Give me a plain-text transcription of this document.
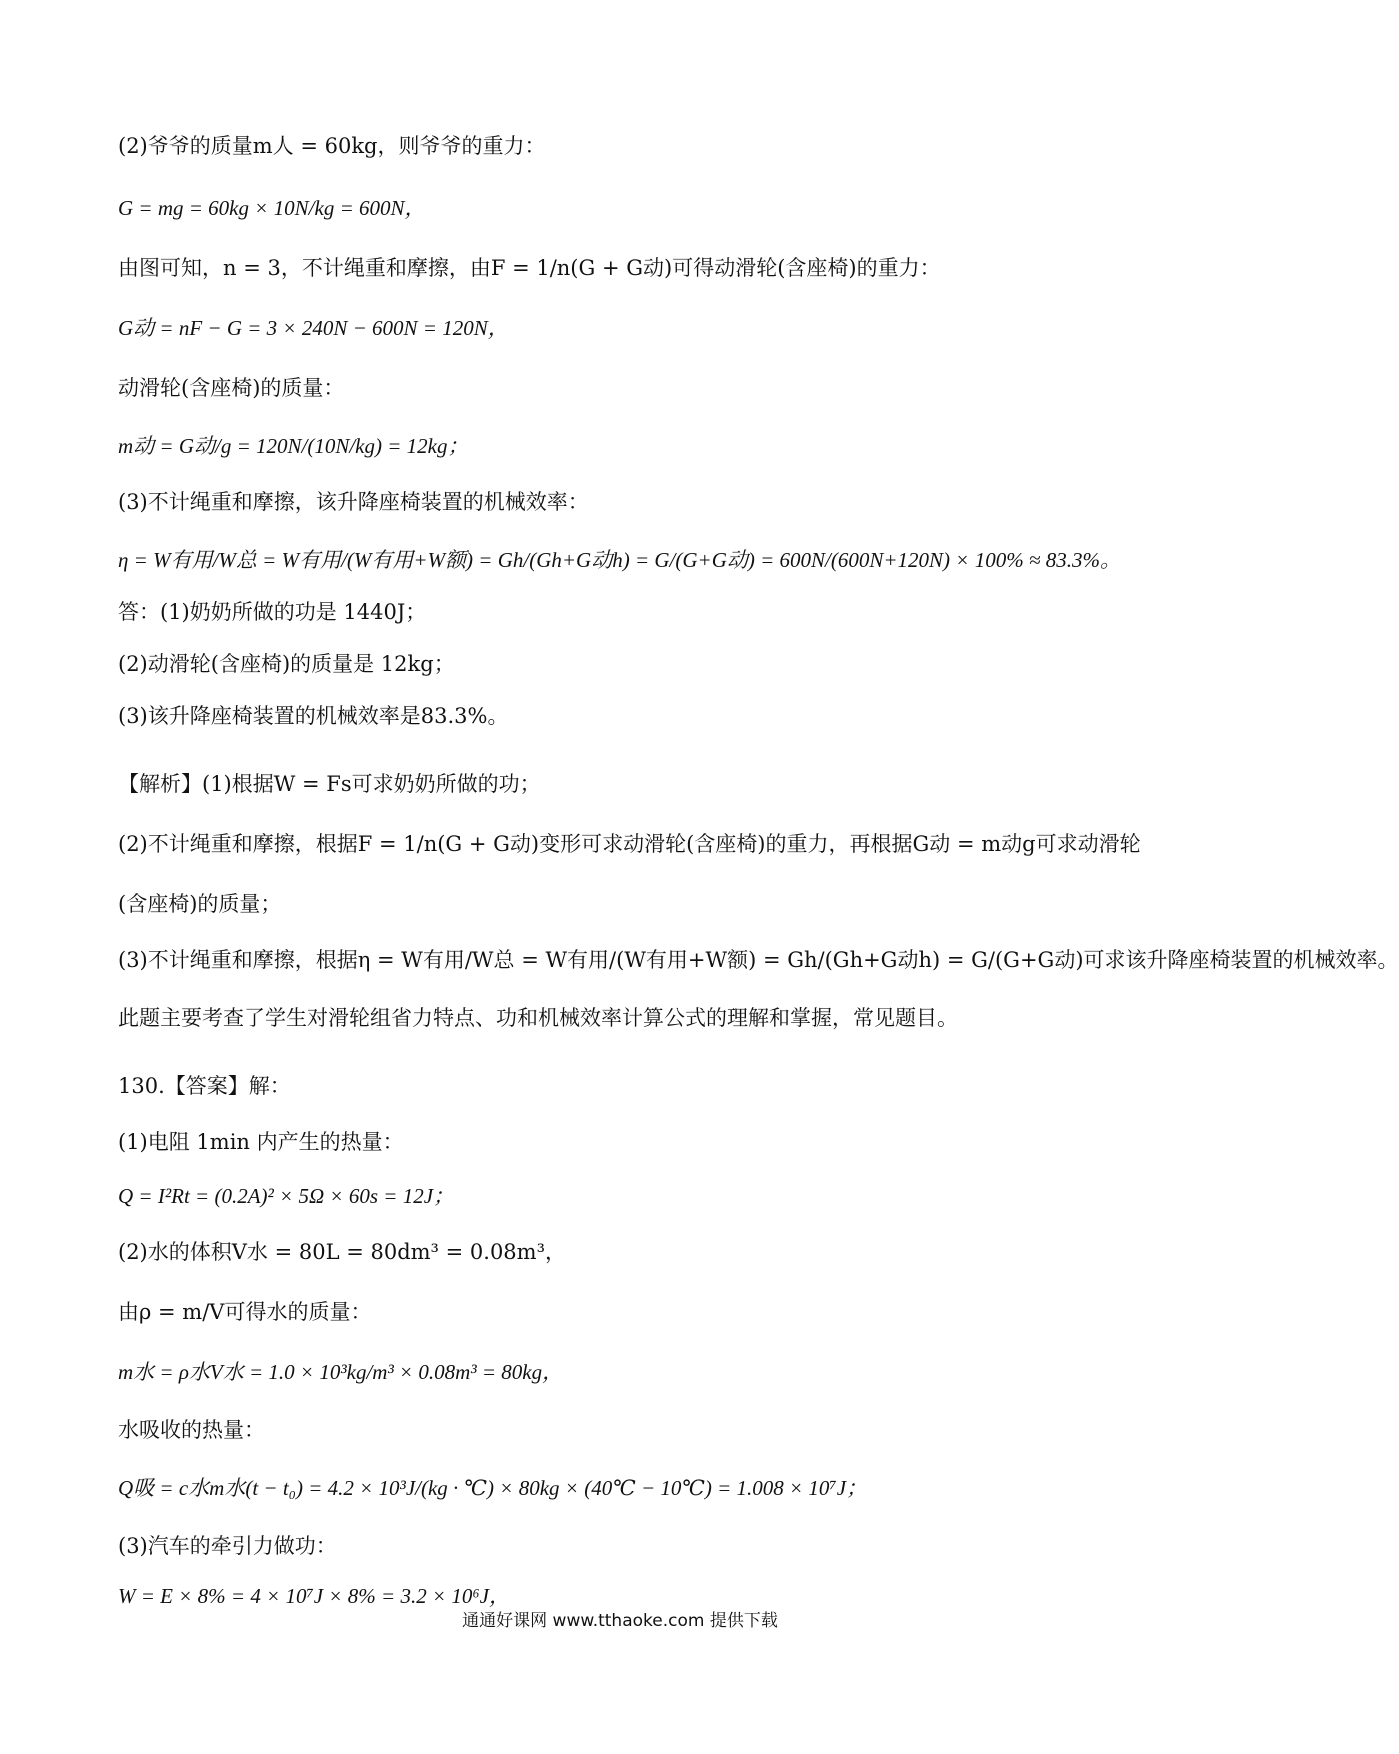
(2)爷爷的质量m人 = 60kg，则爷爷的重力：
G = mg = 60kg × 10N/kg = 600N，
由图可知，n = 3，不计绳重和摩擦，由F = 1/n(G + G动)可得动滑轮(含座椅)的重力：
G动 = nF − G = 3 × 240N − 600N = 120N，
动滑轮(含座椅)的质量：
m动 = G动/g = 120N/(10N/kg) = 12kg；
(3)不计绳重和摩擦，该升降座椅装置的机械效率：
η = W有用/W总 = W有用/(W有用+W额) = Gh/(Gh+G动h) = G/(G+G动) = 600N/(600N+120N) × 100% ≈ 83.3%。
答：(1)奶奶所做的功是 1440J；
(2)动滑轮(含座椅)的质量是 12kg；
(3)该升降座椅装置的机械效率是83.3%。
【解析】(1)根据W = Fs可求奶奶所做的功；
(2)不计绳重和摩擦，根据F = 1/n(G + G动)变形可求动滑轮(含座椅)的重力，再根据G动 = m动g可求动滑轮
(含座椅)的质量；
(3)不计绳重和摩擦，根据η = W有用/W总 = W有用/(W有用+W额) = Gh/(Gh+G动h) = G/(G+G动)可求该升降座椅装置的机械效率。
此题主要考查了学生对滑轮组省力特点、功和机械效率计算公式的理解和掌握，常见题目。
130.【答案】解：
(1)电阻 1min 内产生的热量：
Q = I²Rt = (0.2A)² × 5Ω × 60s = 12J；
(2)水的体积V水 = 80L = 80dm³ = 0.08m³，
由ρ = m/V可得水的质量：
m水 = ρ水V水 = 1.0 × 10³kg/m³ × 0.08m³ = 80kg，
水吸收的热量：
Q吸 = c水m水(t − t₀) = 4.2 × 10³J/(kg · ℃) × 80kg × (40℃ − 10℃) = 1.008 × 10⁷J；
(3)汽车的牵引力做功：
W = E × 8% = 4 × 10⁷J × 8% = 3.2 × 10⁶J，
通通好课网 www.tthaoke.com 提供下载
